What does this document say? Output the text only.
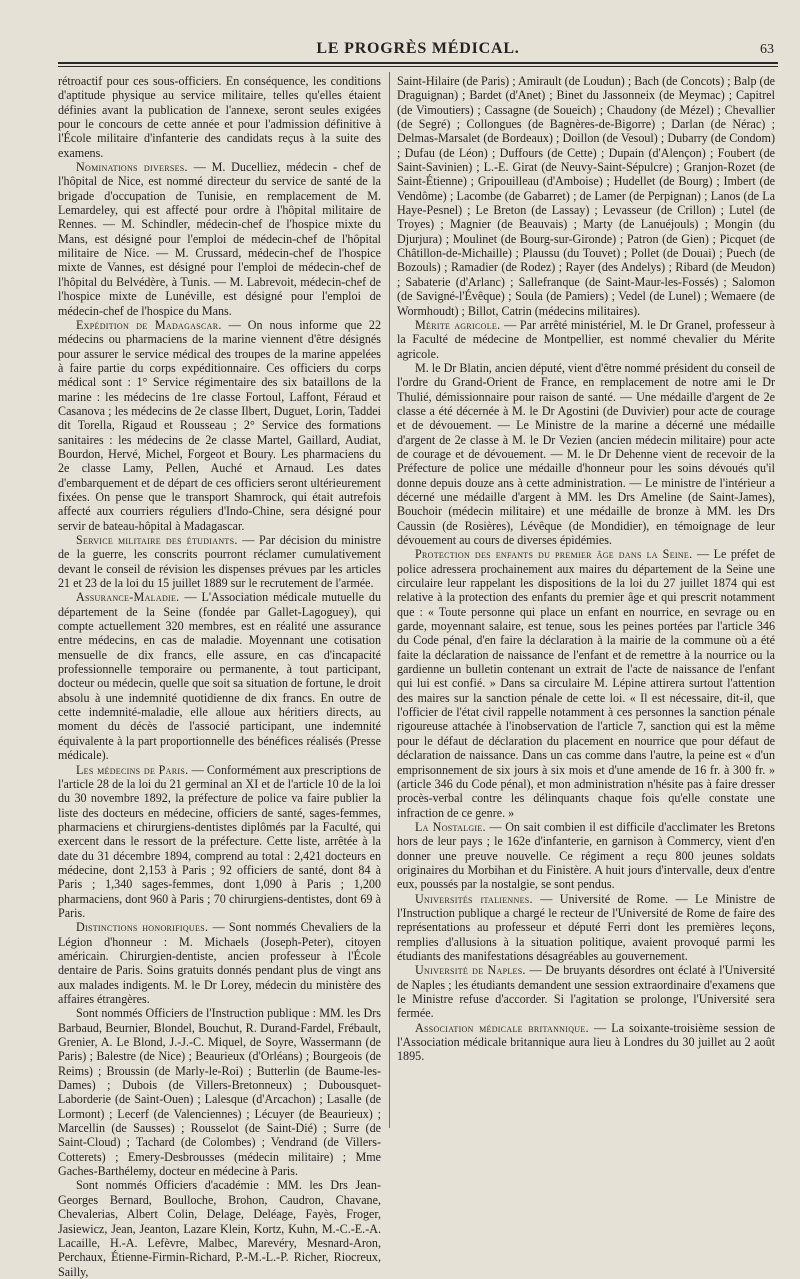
LE PROGRÈS MÉDICAL.	63

rétroactif pour ces sous-officiers. En conséquence, les conditions d'aptitude physique au service militaire, telles qu'elles étaient définies avant la publication de l'annexe, seront seules exigées pour le concours de cette année et pour l'admission définitive à l'École militaire d'infanterie des candidats reçus à la suite des examens.

Nominations diverses. — M. Ducelliez, médecin - chef de l'hôpital de Nice, est nommé directeur du service de santé de la brigade d'occupation de Tunisie, en remplacement de M. Lemardeley, qui est affecté pour ordre à l'hôpital militaire de Rennes. — M. Schindler, médecin-chef de l'hospice mixte du Mans, est désigné pour l'emploi de médecin-chef de l'hôpital militaire de Nice. — M. Crussard, médecin-chef de l'hospice mixte de Vannes, est désigné pour l'emploi de médecin-chef de l'hôpital du Belvédère, à Tunis. — M. Labrevoit, médecin-chef de l'hospice mixte de Lunéville, est désigné pour l'emploi de médecin-chef de l'hospice du Mans.

Expédition de Madagascar. — On nous informe que 22 médecins ou pharmaciens de la marine viennent d'être désignés pour assurer le service médical des troupes de la marine appelées à faire partie du corps expéditionnaire. Ces officiers du corps médical sont : 1° Service régimentaire des six bataillons de la marine : les médecins de 1re classe Fortoul, Laffont, Féraud et Casanova ; les médecins de 2e classe Ilbert, Duguet, Lorin, Taddei dit Torella, Rigaud et Rousseau ; 2° Service des formations sanitaires : les médecins de 2e classe Martel, Gaillard, Audiat, Bourdon, Hervé, Michel, Forgeot et Boury. Les pharmaciens du 2e classe Lamy, Pellen, Auché et Arnaud. Les dates d'embarquement et de départ de ces officiers seront ultérieurement fixées. On pense que le transport Shamrock, qui était autrefois affecté aux courriers réguliers d'Indo-Chine, sera désigné pour servir de bateau-hôpital à Madagascar.

Service militaire des étudiants. — Par décision du ministre de la guerre, les conscrits pourront réclamer cumulativement devant le conseil de révision les dispenses prévues par les articles 21 et 23 de la loi du 15 juillet 1889 sur le recrutement de l'armée.

Assurance-Maladie. — L'Association médicale mutuelle du département de la Seine (fondée par Gallet-Lagoguey), qui compte actuellement 320 membres, est en réalité une assurance entre médecins, en cas de maladie. Moyennant une cotisation mensuelle de dix francs, elle assure, en cas d'incapacité professionnelle temporaire ou permanente, à tout participant, docteur ou médecin, quelle que soit sa situation de fortune, le droit absolu à une indemnité quotidienne de dix francs. En outre de cette indemnité-maladie, elle alloue aux héritiers directs, au moment du décès de l'associé participant, une indemnité équivalente à la part proportionnelle des bénéfices réalisés (Presse médicale).

Les médecins de Paris. — Conformément aux prescriptions de l'article 28 de la loi du 21 germinal an XI et de l'article 10 de la loi du 30 novembre 1892, la préfecture de police va faire publier la liste des docteurs en médecine, officiers de santé, sages-femmes, pharmaciens et chirurgiens-dentistes diplômés par la Faculté, qui exercent dans le ressort de la préfecture. Cette liste, arrêtée à la date du 31 décembre 1894, comprend au total : 2,421 docteurs en médecine, dont 2,153 à Paris ; 92 officiers de santé, dont 84 à Paris ; 1,340 sages-femmes, dont 1,090 à Paris ; 1,200 pharmaciens, dont 960 à Paris ; 70 chirurgiens-dentistes, dont 69 à Paris.

Distinctions honorifiques. — Sont nommés Chevaliers de la Légion d'honneur : M. Michaels (Joseph-Peter), citoyen américain. Chirurgien-dentiste, ancien professeur à l'École dentaire de Paris. Soins gratuits donnés pendant plus de vingt ans aux malades indigents. M. le Dr Lorey, médecin du ministère des affaires étrangères.

Sont nommés Officiers de l'Instruction publique : MM. les Drs Barbaud, Beurnier, Blondel, Bouchut, R. Durand-Fardel, Frébault, Grenier, A. Le Blond, J.-J.-C. Miquel, de Soyre, Wassermann (de Paris) ; Balestre (de Nice) ; Beaurieux (d'Orléans) ; Bourgeois (de Reims) ; Broussin (de Marly-le-Roi) ; Butterlin (de Baume-les-Dames) ; Dubois (de Villers-Bretonneux) ; Dubousquet-Laborderie (de Saint-Ouen) ; Lalesque (d'Arcachon) ; Lasalle (de Lormont) ; Lecerf (de Valenciennes) ; Lécuyer (de Beaurieux) ; Marcellin (de Sausses) ; Rousselot (de Saint-Dié) ; Surre (de Saint-Cloud) ; Tachard (de Colombes) ; Vendrand (de Villers-Cotterets) ; Emery-Desbrousses (médecin militaire) ; Mme Gaches-Barthélemy, docteur en médecine à Paris.

Sont nommés Officiers d'académie : MM. les Drs Jean-Georges Bernard, Boulloche, Brohon, Caudron, Chavane, Chevalerias, Albert Colin, Delage, Deléage, Fayès, Froger, Jasiewicz, Jean, Jeanton, Lazare Klein, Kortz, Kuhn, M.-C.-E.-A. Lacaille, H.-A. Lefèvre, Malbec, Marevéry, Mesnard-Aron, Perchaux, Étienne-Firmin-Richard, P.-M.-L.-P. Richer, Riocreux, Sailly,

Saint-Hilaire (de Paris) ; Amirault (de Loudun) ; Bach (de Concots) ; Balp (de Draguignan) ; Bardet (d'Anet) ; Binet du Jassonneix (de Meymac) ; Capitrel (de Vimoutiers) ; Cassagne (de Soueich) ; Chaudony (de Mézel) ; Chevallier (de Segré) ; Collongues (de Bagnères-de-Bigorre) ; Darlan (de Nérac) ; Delmas-Marsalet (de Bordeaux) ; Doillon (de Vesoul) ; Dubarry (de Condom) ; Dufau (de Léon) ; Duffours (de Cette) ; Dupain (d'Alençon) ; Foubert (de Saint-Savinien) ; L.-E. Girat (de Neuvy-Saint-Sépulcre) ; Granjon-Rozet (de Saint-Étienne) ; Gripouilleau (d'Amboise) ; Hudellet (de Bourg) ; Imbert (de Vendôme) ; Lacombe (de Gabarret) ; de Lamer (de Perpignan) ; Lanos (de La Haye-Pesnel) ; Le Breton (de Lassay) ; Levasseur (de Crillon) ; Lutel (de Troyes) ; Magnier (de Beauvais) ; Marty (de Lanuéjouls) ; Mongin (du Djurjura) ; Moulinet (de Bourg-sur-Gironde) ; Patron (de Gien) ; Picquet (de Châtillon-de-Michaille) ; Plaussu (du Touvet) ; Pollet (de Douai) ; Puech (de Bozouls) ; Ramadier (de Rodez) ; Rayer (des Andelys) ; Ribard (de Meudon) ; Sabaterie (d'Arlanc) ; Sallefranque (de Saint-Maur-les-Fossés) ; Salomon (de Savigné-l'Évêque) ; Soula (de Pamiers) ; Vedel (de Lunel) ; Wemaere (de Wormhoudt) ; Billot, Catrin (médecins militaires).

Mérite agricole. — Par arrêté ministériel, M. le Dr Granel, professeur à la Faculté de médecine de Montpellier, est nommé chevalier du Mérite agricole.

M. le Dr Blatin, ancien député, vient d'être nommé président du conseil de l'ordre du Grand-Orient de France, en remplacement de notre ami le Dr Thulié, démissionnaire pour raison de santé. — Une médaille d'argent de 2e classe a été décernée à M. le Dr Agostini (de Duvivier) pour acte de courage et de dévouement. — Le Ministre de la marine a décerné une médaille d'argent de 2e classe à M. le Dr Vezien (ancien médecin militaire) pour acte de courage et de dévouement. — M. le Dr Dehenne vient de recevoir de la Préfecture de police une médaille d'honneur pour les soins dévoués qu'il donne depuis douze ans à cette administration. — Le ministre de l'intérieur a décerné une médaille d'argent à MM. les Drs Ameline (de Saint-James), Bouchoir (médecin militaire) et une médaille de bronze à MM. les Drs Caussin (de Rosières), Lévêque (de Mondidier), en témoignage de leur dévouement au cours de diverses épidémies.

Protection des enfants du premier âge dans la Seine. — Le préfet de police adressera prochainement aux maires du département de la Seine une circulaire leur rappelant les dispositions de la loi du 27 juillet 1874 qui est relative à la protection des enfants du premier âge et qui prescrit notamment que : « Toute personne qui place un enfant en nourrice, en sevrage ou en garde, moyennant salaire, est tenue, sous les peines portées par l'article 346 du Code pénal, d'en faire la déclaration à la mairie de la commune où a été faite la déclaration de naissance de l'enfant et de remettre à la nourrice ou la gardienne un bulletin contenant un extrait de l'acte de naissance de l'enfant qui lui est confié. » Dans sa circulaire M. Lépine attirera surtout l'attention des maires sur la sanction pénale de cette loi. « Il est nécessaire, dit-il, que l'officier de l'état civil rappelle notamment à ces personnes la sanction pénale rigoureuse attachée à l'inobservation de l'article 7, sanction qui est la même pour le défaut de déclaration du placement en nourrice que pour défaut de déclaration de naissance. Dans un cas comme dans l'autre, la peine est « d'un emprisonnement de six jours à six mois et d'une amende de 16 fr. à 300 fr. » (article 346 du Code pénal), et mon administration n'hésite pas à faire dresser procès-verbal contre les délinquants chaque fois qu'elle constate une infraction de ce genre. »

La Nostalgie. — On sait combien il est difficile d'acclimater les Bretons hors de leur pays ; le 162e d'infanterie, en garnison à Commercy, vient d'en donner une preuve nouvelle. Ce régiment a reçu 800 jeunes soldats originaires du Morbihan et du Finistère. A huit jours d'intervalle, deux d'entre eux, poussés par la nostalgie, se sont pendus.

Universités italiennes. — Université de Rome. — Le Ministre de l'Instruction publique a chargé le recteur de l'Université de Rome de faire des représentations au professeur et député Ferri dont les premières leçons, remplies d'allusions à la situation politique, avaient provoqué parmi les étudiants des manifestations désagréables au gouvernement.

Université de Naples. — De bruyants désordres ont éclaté à l'Université de Naples ; les étudiants demandent une session extraordinaire d'examens que le Ministre refuse d'accorder. Si l'agitation se prolonge, l'Université sera fermée.

Association médicale britannique. — La soixante-troisième session de l'Association médicale britannique aura lieu à Londres du 30 juillet au 2 août 1895.
